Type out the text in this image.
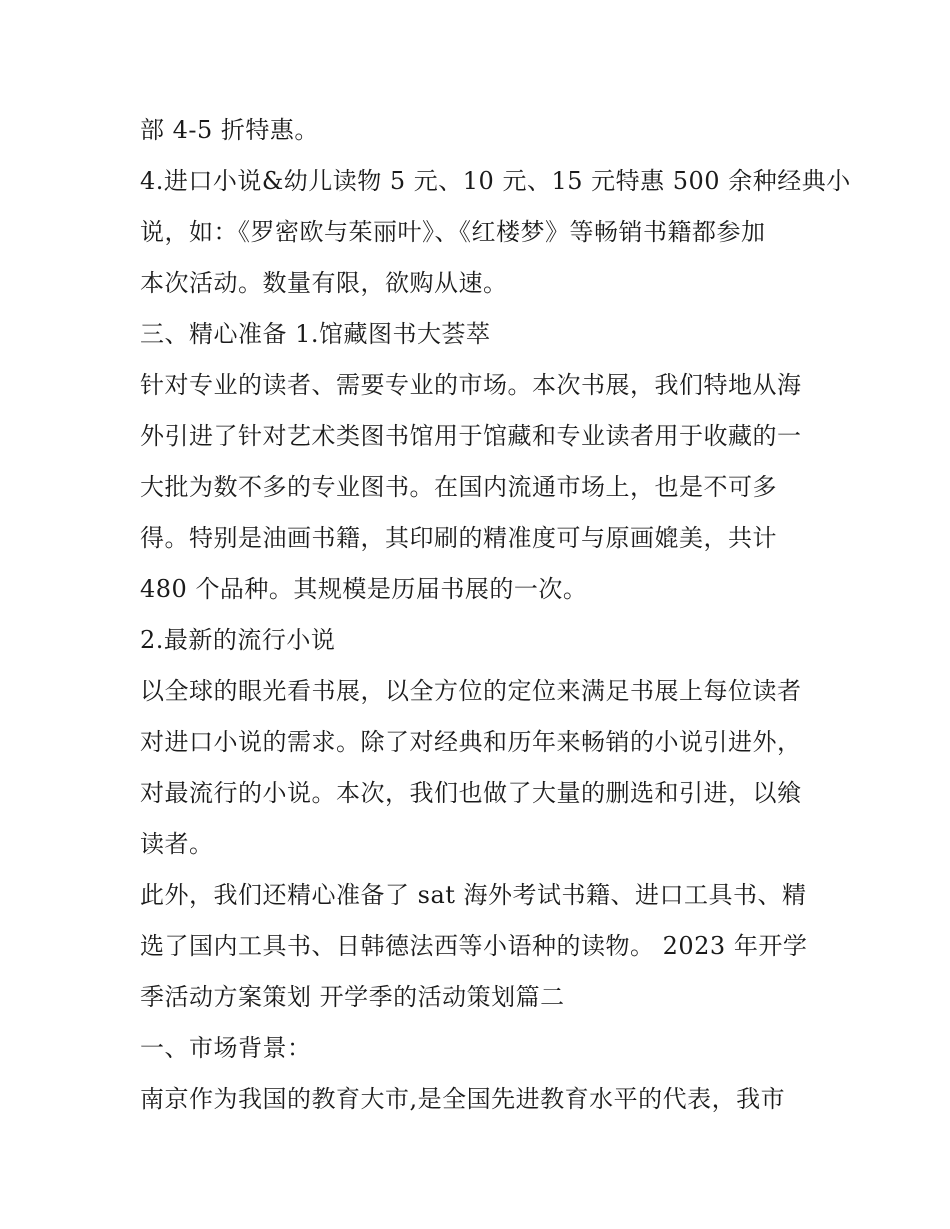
部 4-5 折特惠。
4.进口小说&幼儿读物 5 元、10 元、15 元特惠 500 余种经典小
说，如：《罗密欧与茱丽叶》、《红楼梦》等畅销书籍都参加
本次活动。数量有限，欲购从速。
三、精心准备 1.馆藏图书大荟萃
针对专业的读者、需要专业的市场。本次书展，我们特地从海
外引进了针对艺术类图书馆用于馆藏和专业读者用于收藏的一
大批为数不多的专业图书。在国内流通市场上，也是不可多
得。特别是油画书籍，其印刷的精准度可与原画媲美，共计
480 个品种。其规模是历届书展的一次。
2.最新的流行小说
以全球的眼光看书展，以全方位的定位来满足书展上每位读者
对进口小说的需求。除了对经典和历年来畅销的小说引进外，
对最流行的小说。本次，我们也做了大量的删选和引进，以飨
读者。
此外，我们还精心准备了 sat 海外考试书籍、进口工具书、精
选了国内工具书、日韩德法西等小语种的读物。 2023 年开学
季活动方案策划 开学季的活动策划篇二
一、市场背景：
南京作为我国的教育大市,是全国先进教育水平的代表，我市
